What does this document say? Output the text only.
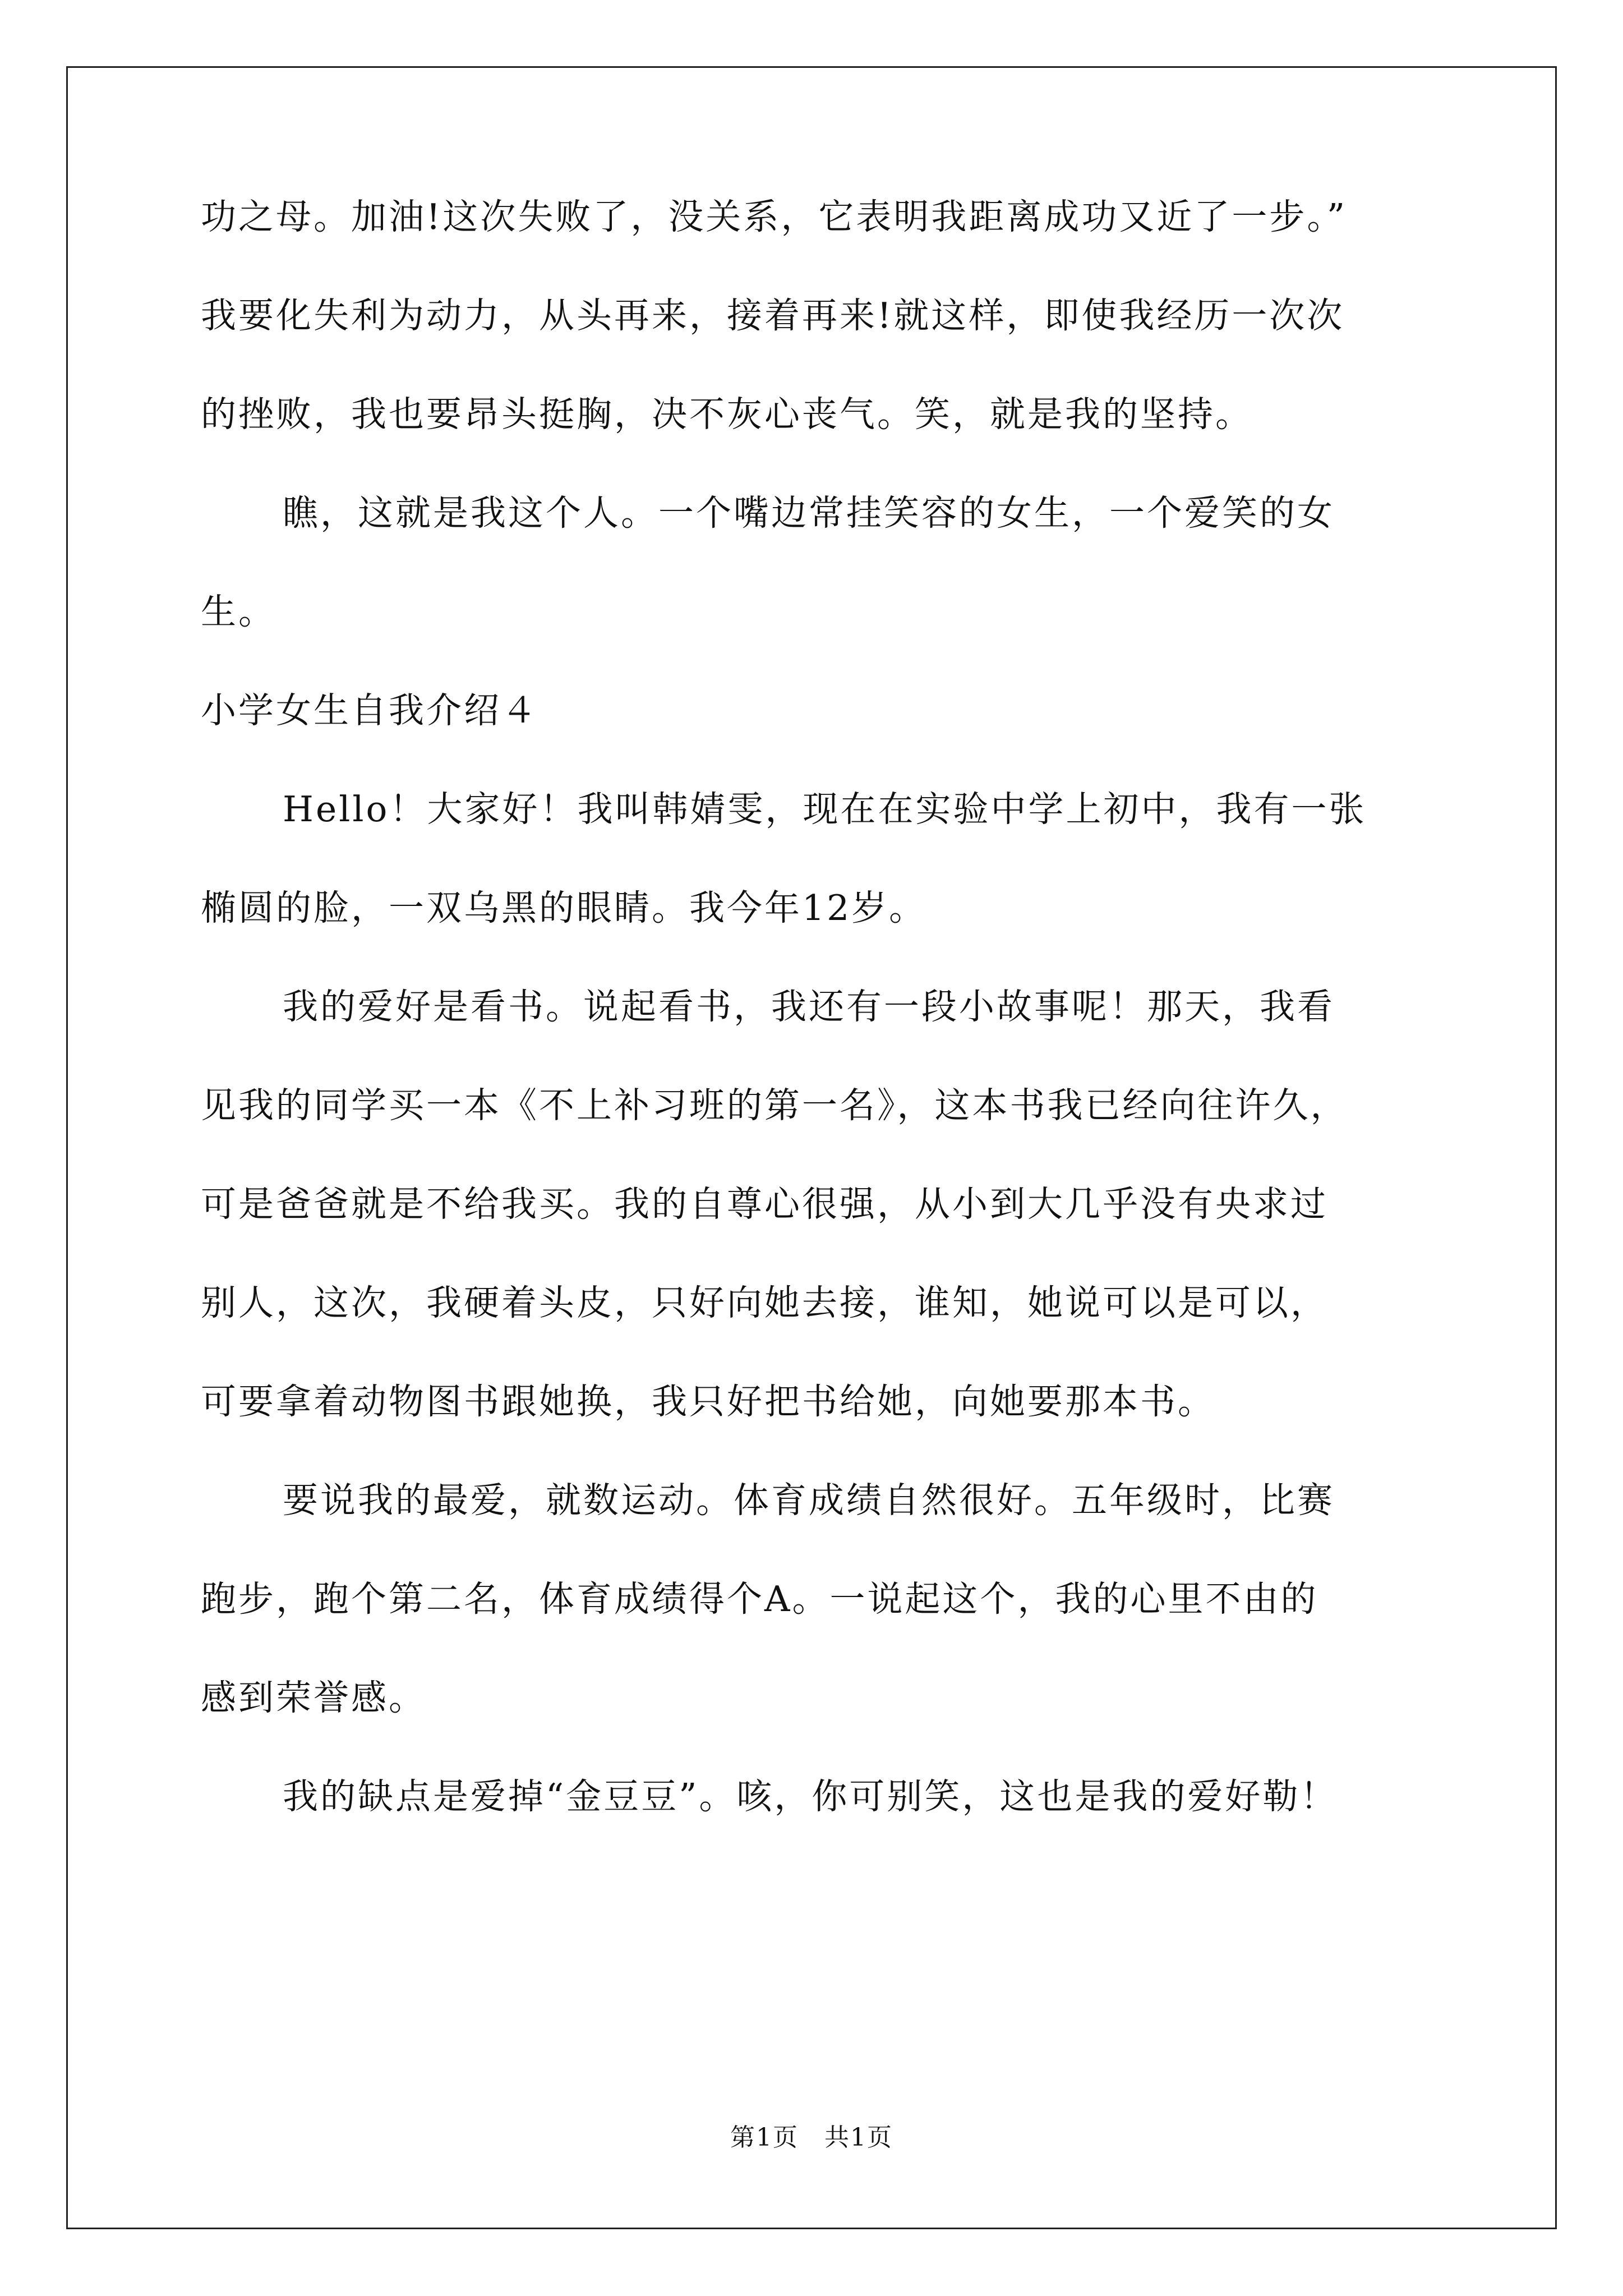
功之母。加油!这次失败了，没关系，它表明我距离成功又近了一步。”
我要化失利为动力，从头再来，接着再来!就这样，即使我经历一次次
的挫败，我也要昂头挺胸，决不灰心丧气。笑，就是我的坚持。
瞧，这就是我这个人。一个嘴边常挂笑容的女生，一个爱笑的女
生。
小学女生自我介绍４
Hello！大家好！我叫韩婧雯，现在在实验中学上初中，我有一张
椭圆的脸，一双乌黑的眼睛。我今年12岁。
我的爱好是看书。说起看书，我还有一段小故事呢！那天，我看
见我的同学买一本《不上补习班的第一名》，这本书我已经向往许久，
可是爸爸就是不给我买。我的自尊心很强，从小到大几乎没有央求过
别人，这次，我硬着头皮，只好向她去接，谁知，她说可以是可以，
可要拿着动物图书跟她换，我只好把书给她，向她要那本书。
要说我的最爱，就数运动。体育成绩自然很好。五年级时，比赛
跑步，跑个第二名，体育成绩得个A。一说起这个，我的心里不由的
感到荣誉感。
我的缺点是爱掉“金豆豆”。咳，你可别笑，这也是我的爱好勒！
第1页　共1页
